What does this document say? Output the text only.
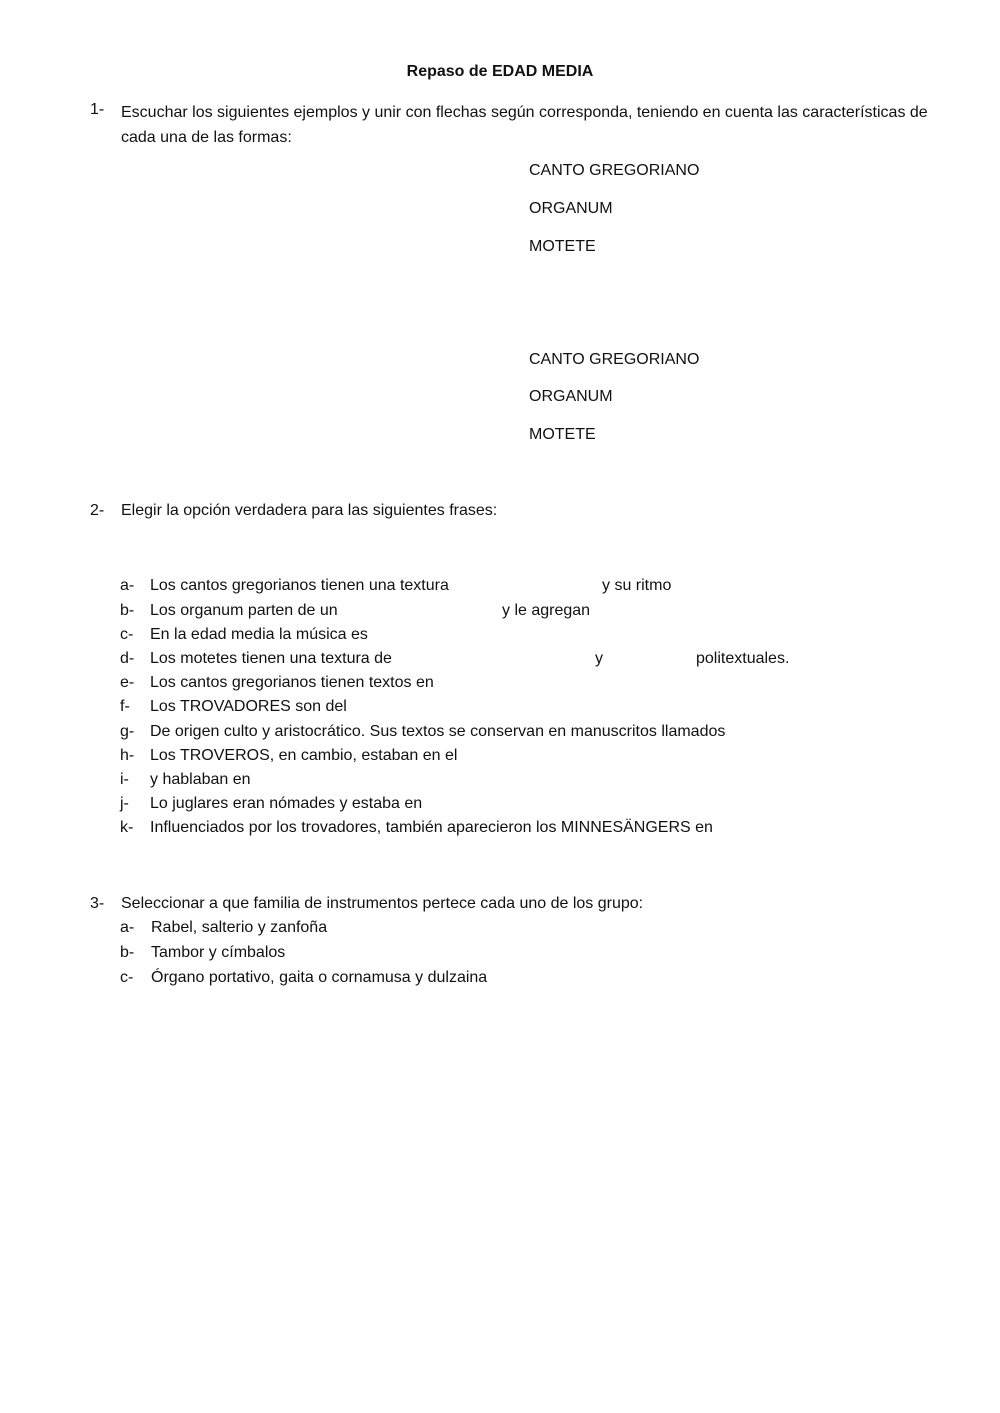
Repaso de EDAD MEDIA
1- Escuchar los siguientes ejemplos y unir con flechas según corresponda, teniendo en cuenta las características de cada una de las formas:
CANTO GREGORIANO
ORGANUM
MOTETE
CANTO GREGORIANO
ORGANUM
MOTETE
2- Elegir la opción verdadera para las siguientes frases:
a- Los cantos gregorianos tienen una textura	y su ritmo
b- Los organum parten de un	y le agregan
c- En la edad media la música es
d- Los motetes tienen una textura de	y	politextuales.
e- Los cantos gregorianos tienen textos en
f- Los TROVADORES son del
g- De origen culto y aristocrático. Sus textos se conservan en manuscritos llamados
h- Los TROVEROS, en cambio, estaban en el
i- y hablaban en
j- Lo juglares eran nómades y estaba en
k- Influenciados por los trovadores, también aparecieron los MINNESÄNGERS en
3- Seleccionar a que familia de instrumentos pertece cada uno de los grupo:
a- Rabel, salterio y zanfoña
b- Tambor y címbalos
c- Órgano portativo, gaita o cornamusa y dulzaina
